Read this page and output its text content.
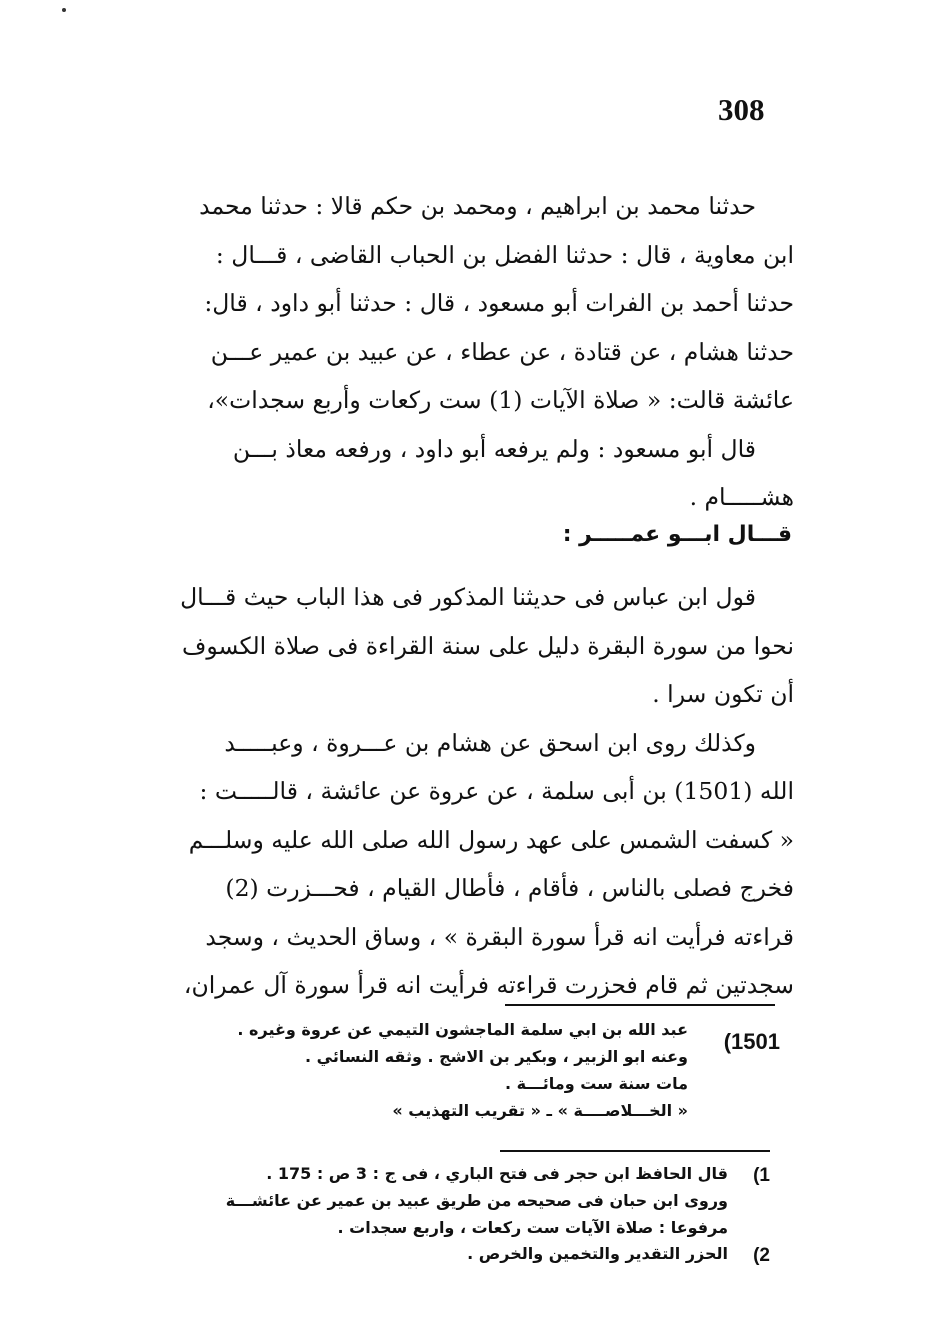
308

حدثنا محمد بن ابراهيم ، ومحمد بن حكم قالا : حدثنا محمد

ابن معاوية ، قال : حدثنا الفضل بن الحباب القاضى ، قـــال :

حدثنا أحمد بن الفرات أبو مسعود ، قال : حدثنا أبو داود ، قال:

حدثنا هشام ، عن قتادة ، عن عطاء ، عن عبيد بن عمير عـــن

عائشة قالت: « صلاة الآيات (1) ست ركعات وأربع سجدات»،

قال أبو مسعود : ولم يرفعه أبو داود ، ورفعه معاذ بـــن

هشـــــام .

قـــال ابـــو عمـــــر :

قول ابن عباس فى حديثنا المذكور فى هذا الباب حيث قـــال

نحوا من سورة البقرة دليل على سنة القراءة فى صلاة الكسوف

أن تكون سرا .

وكذلك روى ابن اسحق عن هشام بن عـــروة ، وعبـــــد

الله (1501) بن أبى سلمة ، عن عروة عن عائشة ، قالـــــت :

« كسفت الشمس على عهد رسول الله صلى الله عليه وسلـــم

فخرج فصلى بالناس ، فأقام ، فأطال القيام ، فحـــزرت (2)

قراءته فرأيت انه قرأ سورة البقرة » ، وساق الحديث ، وسجد

سجدتين ثم قام فحزرت قراءته فرأيت انه قرأ سورة آل عمران،

1501)
عبد الله بن ابي سلمة الماجشون التيمي عن عروة وغيره .
وعنه ابو الزبير ، وبكير بن الاشج . وثقه النسائي .
مات سنة ست ومائـــة .
« الخـــلاصــــة » ـ « تقريب التهذيب »
1)
قال الحافظ ابن حجر فى فتح الباري ، فى ج : 3 ص : 175 .
وروى ابن حبان فى صحيحه من طريق عبيد بن عمير عن عائشـــة
مرفوعا : صلاة الآيات ست ركعات ، واربع سجدات .
2)
الحزر التقدير والتخمين والخرص .
